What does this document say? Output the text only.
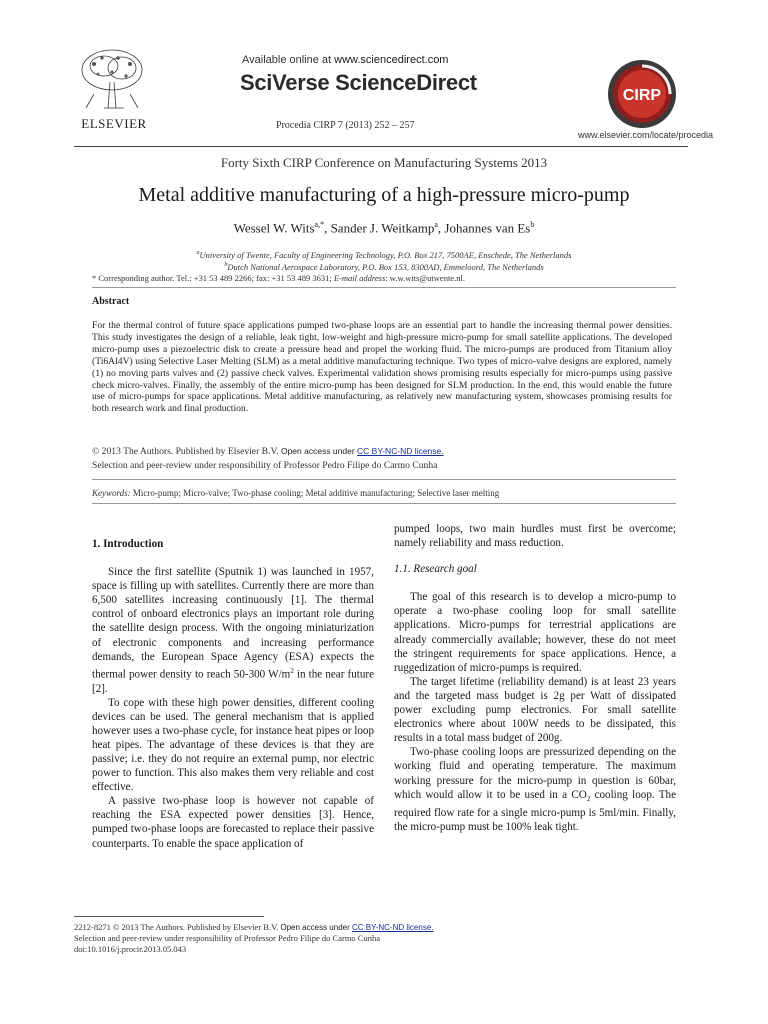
ELSEVIER
Available online at www.sciencedirect.com
SciVerse ScienceDirect
Procedia CIRP 7 (2013) 252 – 257
CIRP
www.elsevier.com/locate/procedia
Forty Sixth CIRP Conference on Manufacturing Systems 2013
Metal additive manufacturing of a high-pressure micro-pump
Wessel W. Wits$^{a,*}$, Sander J. Weitkamp$^a$, Johannes van Es$^b$
$^a$University of Twente, Faculty of Engineering Technology, P.O. Box 217, 7500AE, Enschede, The Netherlands
$^b$Dutch National Aerospace Laboratory, P.O. Box 153, 8300AD, Emmeloord, The Netherlands
* Corresponding author. Tel.: +31 53 489 2266; fax: +31 53 489 3631; E-mail address: w.w.wits@utwente.nl.
Abstract
For the thermal control of future space applications pumped two-phase loops are an essential part to handle the increasing thermal power densities. This study investigates the design of a reliable, leak tight, low-weight and high-pressure micro-pump for small satellite applications. The developed micro-pump uses a piezoelectric disk to create a pressure head and propel the working fluid. The micro-pumps are produced from Titanium alloy (Ti6Al4V) using Selective Laser Melting (SLM) as a metal additive manufacturing technique. Two types of micro-valve designs are explored, namely (1) no moving parts valves and (2) passive check valves. Experimental validation shows promising results especially for micro-pumps using passive check micro-valves. Finally, the assembly of the entire micro-pump has been designed for SLM production. In the end, this would enable the future use of micro-pumps for space applications. Metal additive manufacturing, as relatively new manufacturing system, showcases promising results for both research work and final production.
© 2013 The Authors. Published by Elsevier B.V. Open access under CC BY-NC-ND license.
Selection and peer-review under responsibility of Professor Pedro Filipe do Carmo Cunha
Keywords: Micro-pump; Micro-valve; Two-phase cooling; Metal additive manufacturing; Selective laser melting
1. Introduction

Since the first satellite (Sputnik 1) was launched in 1957, space is filling up with satellites. Currently there are more than 6,500 satellites increasing continuously [1]. The thermal control of onboard electronics plays an important role during the satellite design process. With the ongoing miniaturization of electronic components and increasing performance demands, the European Space Agency (ESA) expects the thermal power density to reach 50-300 $W/m^2$ in the near future [2].

To cope with these high power densities, different cooling devices can be used. The general mechanism that is applied however uses a two-phase cycle, for instance heat pipes or loop heat pipes. The advantage of these devices is that they are passive; i.e. they do not require an external pump, nor electric power to function. This also makes them very reliable and cost effective.

A passive two-phase loop is however not capable of reaching the ESA expected power densities [3]. Hence, pumped two-phase loops are forecasted to replace their passive counterparts. To enable the space application of

pumped loops, two main hurdles must first be overcome; namely reliability and mass reduction.

1.1. Research goal

The goal of this research is to develop a micro-pump to operate a two-phase cooling loop for small satellite applications. Micro-pumps for terrestrial applications are already commercially available; however, these do not meet the stringent requirements for space applications. Hence, a ruggedization of micro-pumps is required.

The target lifetime (reliability demand) is at least 23 years and the targeted mass budget is 2g per Watt of dissipated power excluding pump electronics. For small satellite electronics where about 100W needs to be dissipated, this results in a total mass budget of 200g.

Two-phase cooling loops are pressurized depending on the working fluid and operating temperature. The maximum working pressure for the micro-pump in question is 60bar, which would allow it to be used in a $CO_2$ cooling loop. The required flow rate for a single micro-pump is 5ml/min. Finally, the micro-pump must be 100% leak tight.

2212-8271 © 2013 The Authors. Published by Elsevier B.V. Open access under CC BY-NC-ND license.
Selection and peer-review under responsibility of Professor Pedro Filipe do Carmo Cunha
doi:10.1016/j.procir.2013.05.043
